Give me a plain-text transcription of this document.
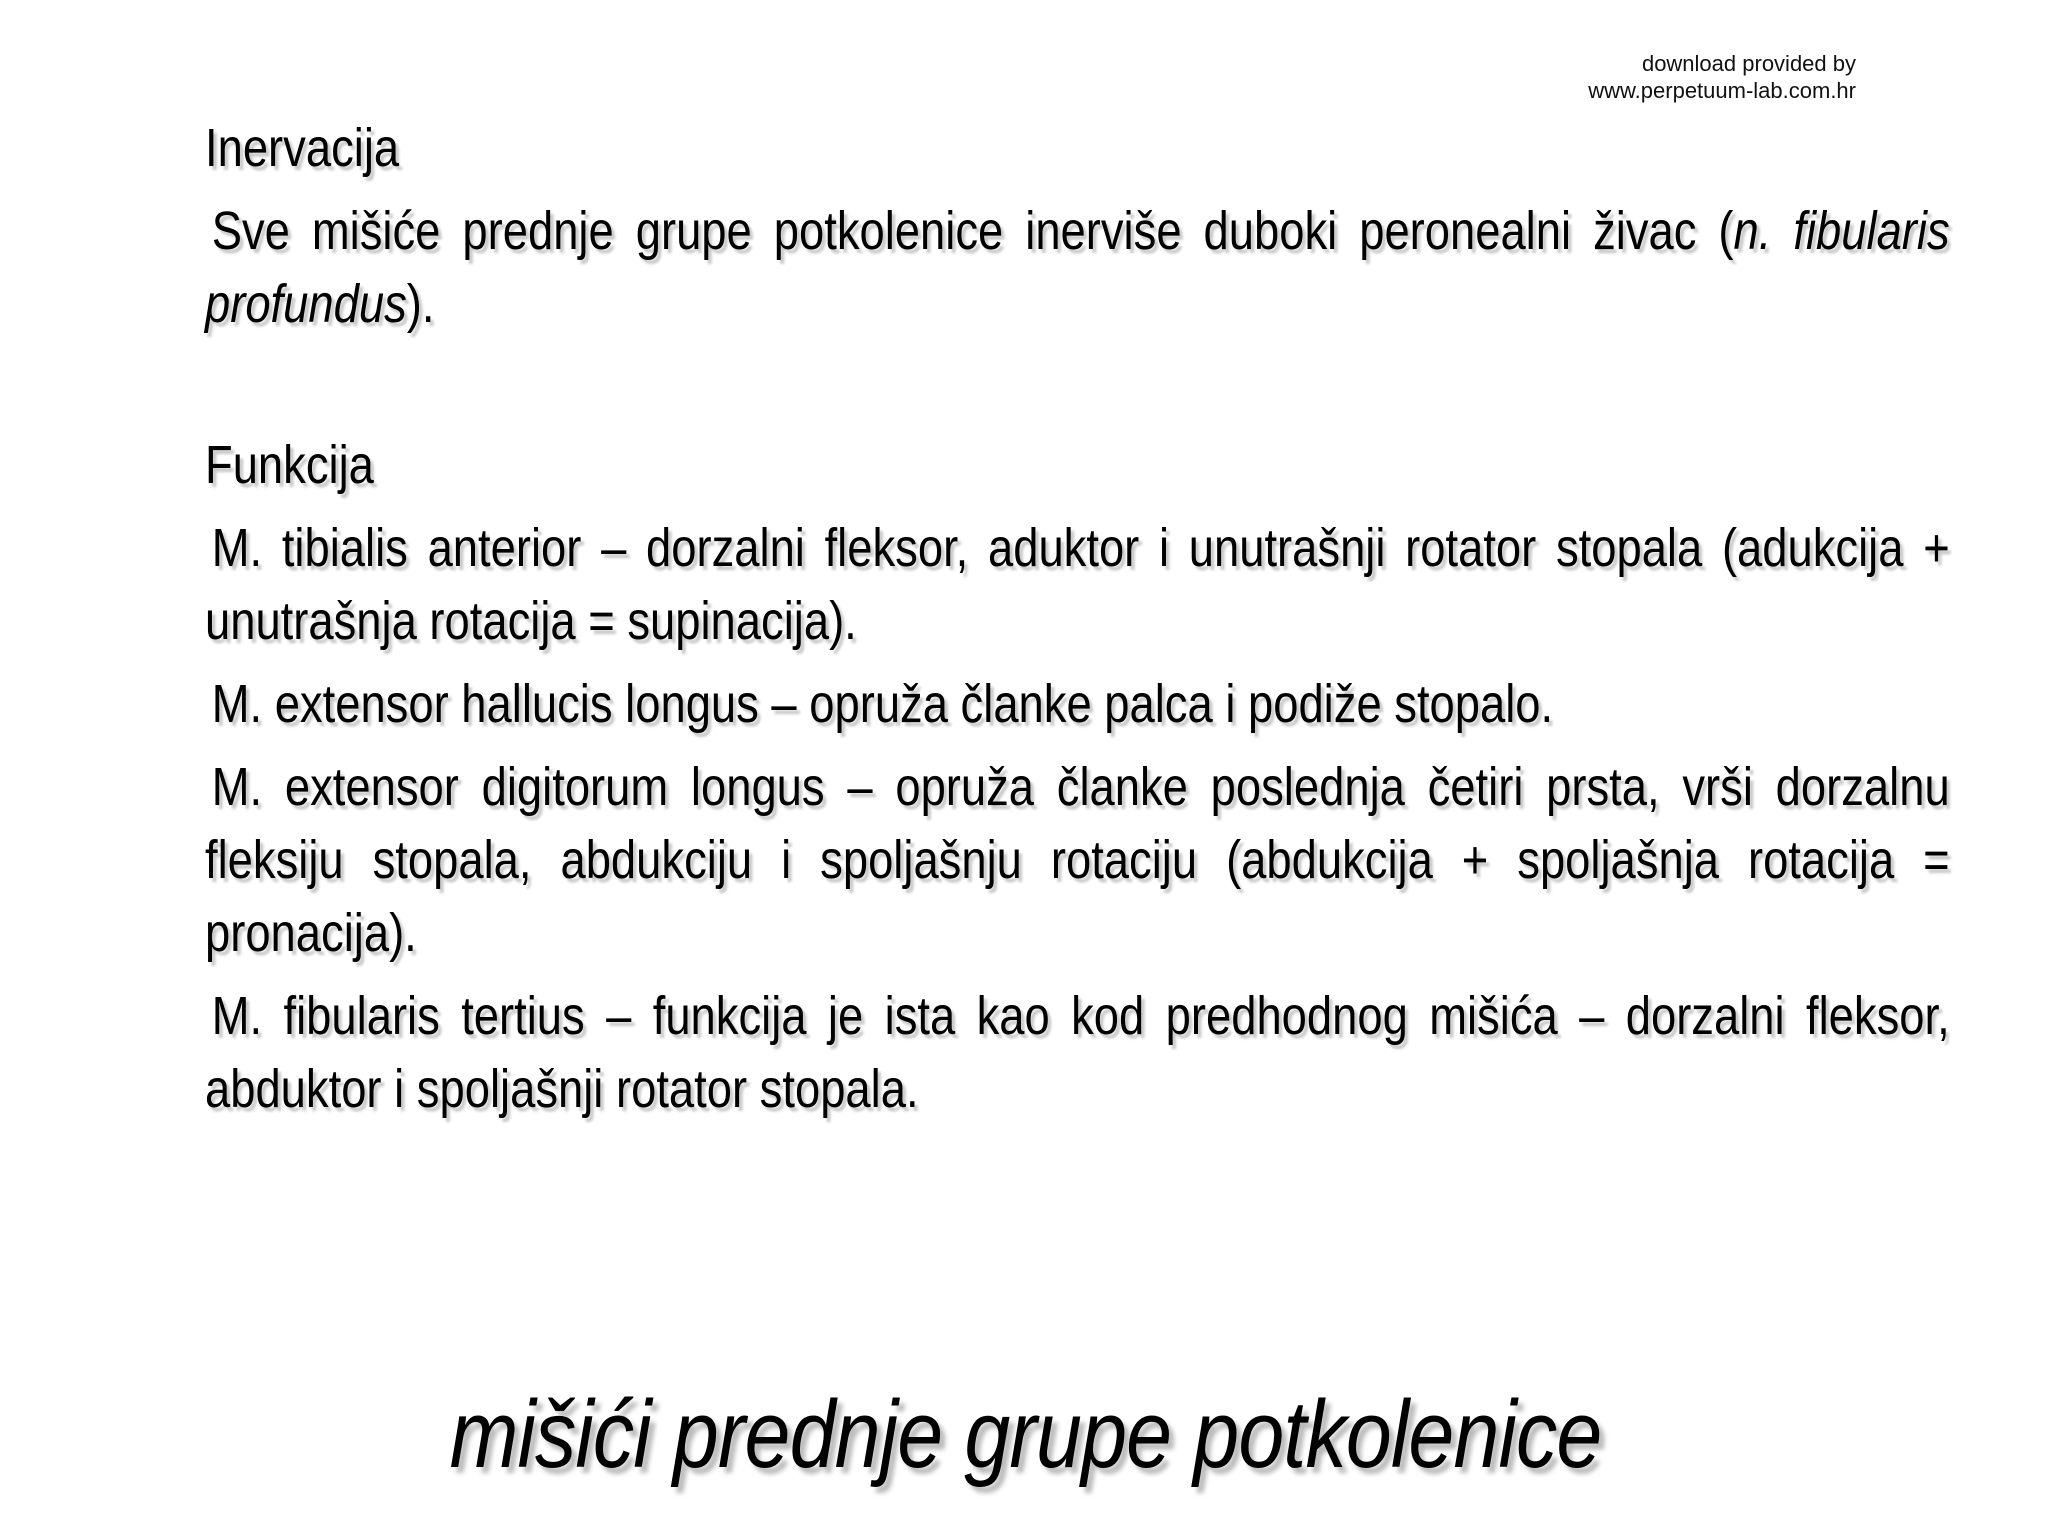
download provided by
www.perpetuum-lab.com.hr
Inervacija

Sve mišiće prednje grupe potkolenice inerviše duboki peronealni živac (n. fibularis profundus).

Funkcija

M. tibialis anterior – dorzalni fleksor, aduktor i unutrašnji rotator stopala (adukcija + unutrašnja rotacija = supinacija).

M. extensor hallucis longus – opruža članke palca i podiže stopalo.

M. extensor digitorum longus – opruža članke poslednja četiri prsta, vrši dorzalnu fleksiju stopala, abdukciju i spoljašnju rotaciju (abdukcija + spoljašnja rotacija = pronacija).

M. fibularis tertius – funkcija je ista kao kod predhodnog mišića – dorzalni fleksor, abduktor i spoljašnji rotator stopala.

mišići prednje grupe potkolenice
